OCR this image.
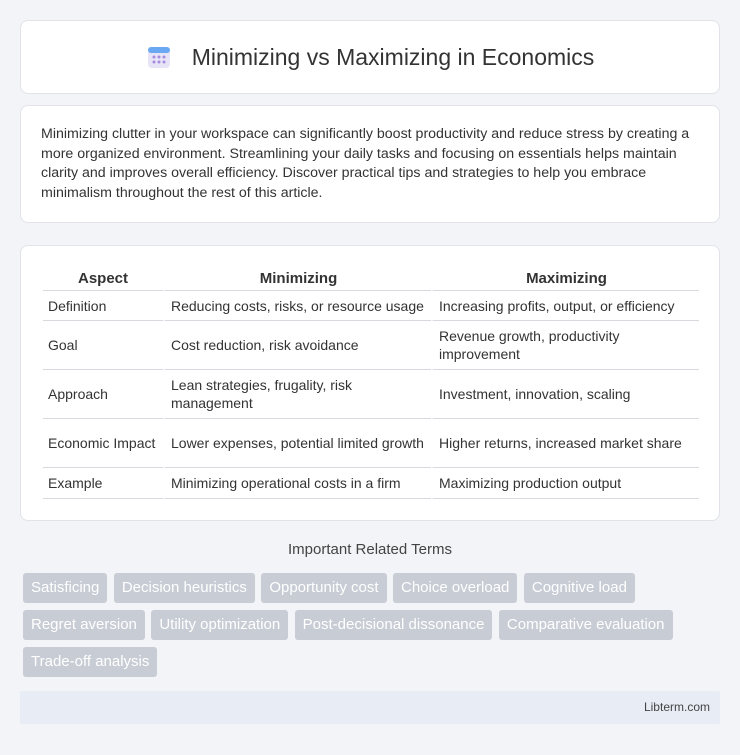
Minimizing vs Maximizing in Economics

Minimizing clutter in your workspace can significantly boost productivity and reduce stress by creating a more organized environment. Streamlining your daily tasks and focusing on essentials helps maintain clarity and improves overall efficiency. Discover practical tips and strategies to help you embrace minimalism throughout the rest of this article.

Aspect	Minimizing	Maximizing
Definition	Reducing costs, risks, or resource usage	Increasing profits, output, or efficiency
Goal	Cost reduction, risk avoidance	Revenue growth, productivity improvement
Approach	Lean strategies, frugality, risk management	Investment, innovation, scaling
Economic Impact	Lower expenses, potential limited growth	Higher returns, increased market share
Example	Minimizing operational costs in a firm	Maximizing production output
Important Related Terms
Satisficing Decision heuristics Opportunity cost Choice overload Cognitive load Regret aversion Utility optimization Post-decisional dissonance Comparative evaluation Trade-off analysis
Libterm.com
